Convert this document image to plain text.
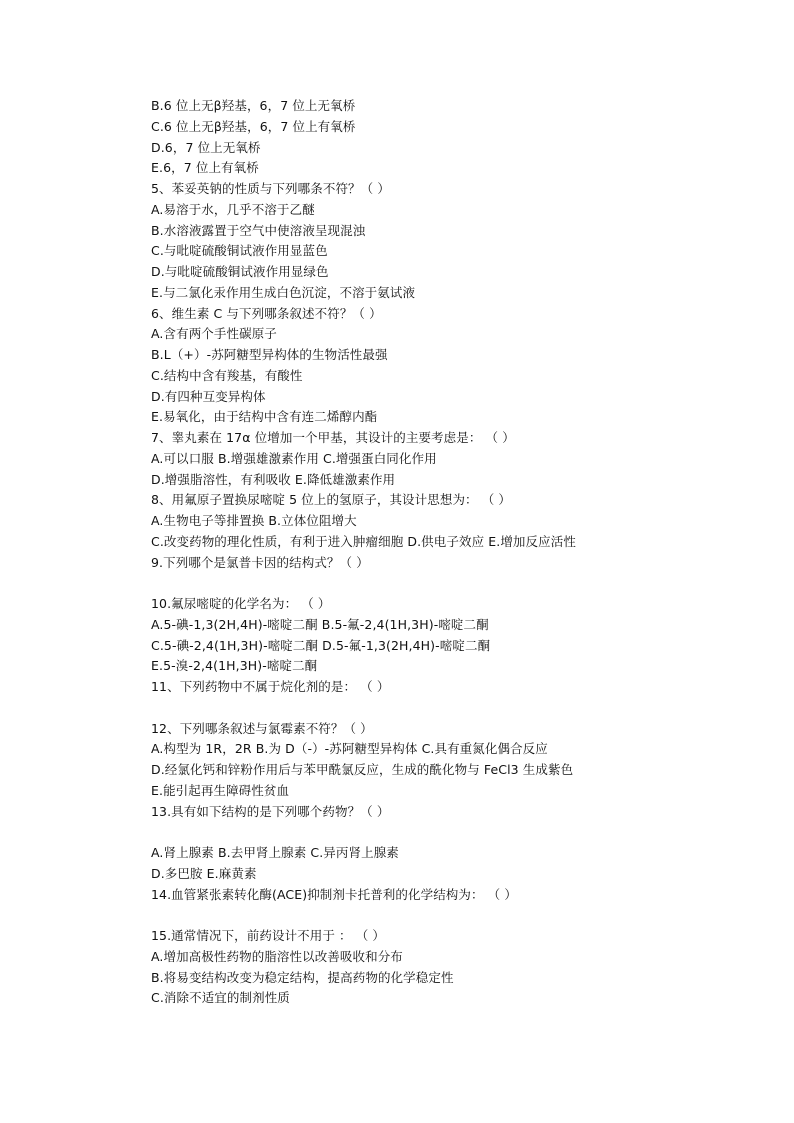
B.6 位上无β羟基，6，7 位上无氧桥
C.6 位上无β羟基，6，7 位上有氧桥
D.6，7 位上无氧桥
E.6，7 位上有氧桥
5、苯妥英钠的性质与下列哪条不符？（ ）
A.易溶于水，几乎不溶于乙醚
B.水溶液露置于空气中使溶液呈现混浊
C.与吡啶硫酸铜试液作用显蓝色
D.与吡啶硫酸铜试液作用显绿色
E.与二氯化汞作用生成白色沉淀，不溶于氨试液
6、维生素 C 与下列哪条叙述不符？（ ）
A.含有两个手性碳原子
B.L（+）-苏阿糖型异构体的生物活性最强
C.结构中含有羧基，有酸性
D.有四种互变异构体
E.易氧化，由于结构中含有连二烯醇内酯
7、睾丸素在 17α 位增加一个甲基，其设计的主要考虑是： （ ）
A.可以口服 B.增强雄激素作用 C.增强蛋白同化作用
D.增强脂溶性，有利吸收 E.降低雄激素作用
8、用氟原子置换尿嘧啶 5 位上的氢原子，其设计思想为： （ ）
A.生物电子等排置换 B.立体位阻增大
C.改变药物的理化性质，有利于进入肿瘤细胞 D.供电子效应 E.增加反应活性
9.下列哪个是氯普卡因的结构式？（ ）
10.氟尿嘧啶的化学名为： （ ）
A.5-碘-1,3(2H,4H)-嘧啶二酮 B.5-氟-2,4(1H,3H)-嘧啶二酮
C.5-碘-2,4(1H,3H)-嘧啶二酮 D.5-氟-1,3(2H,4H)-嘧啶二酮
E.5-溴-2,4(1H,3H)-嘧啶二酮
11、下列药物中不属于烷化剂的是： （ ）
12、下列哪条叙述与氯霉素不符？（ ）
A.构型为 1R，2R B.为 D（-）-苏阿糖型异构体 C.具有重氮化偶合反应
D.经氯化钙和锌粉作用后与苯甲酰氯反应，生成的酰化物与 FeCl3 生成紫色
E.能引起再生障碍性贫血
13.具有如下结构的是下列哪个药物？（ ）
A.肾上腺素 B.去甲肾上腺素 C.异丙肾上腺素
D.多巴胺 E.麻黄素
14.血管紧张素转化酶(ACE)抑制剂卡托普利的化学结构为： （ ）
15.通常情况下，前药设计不用于 ： （ ）
A.增加高极性药物的脂溶性以改善吸收和分布
B.将易变结构改变为稳定结构，提高药物的化学稳定性
C.消除不适宜的制剂性质
